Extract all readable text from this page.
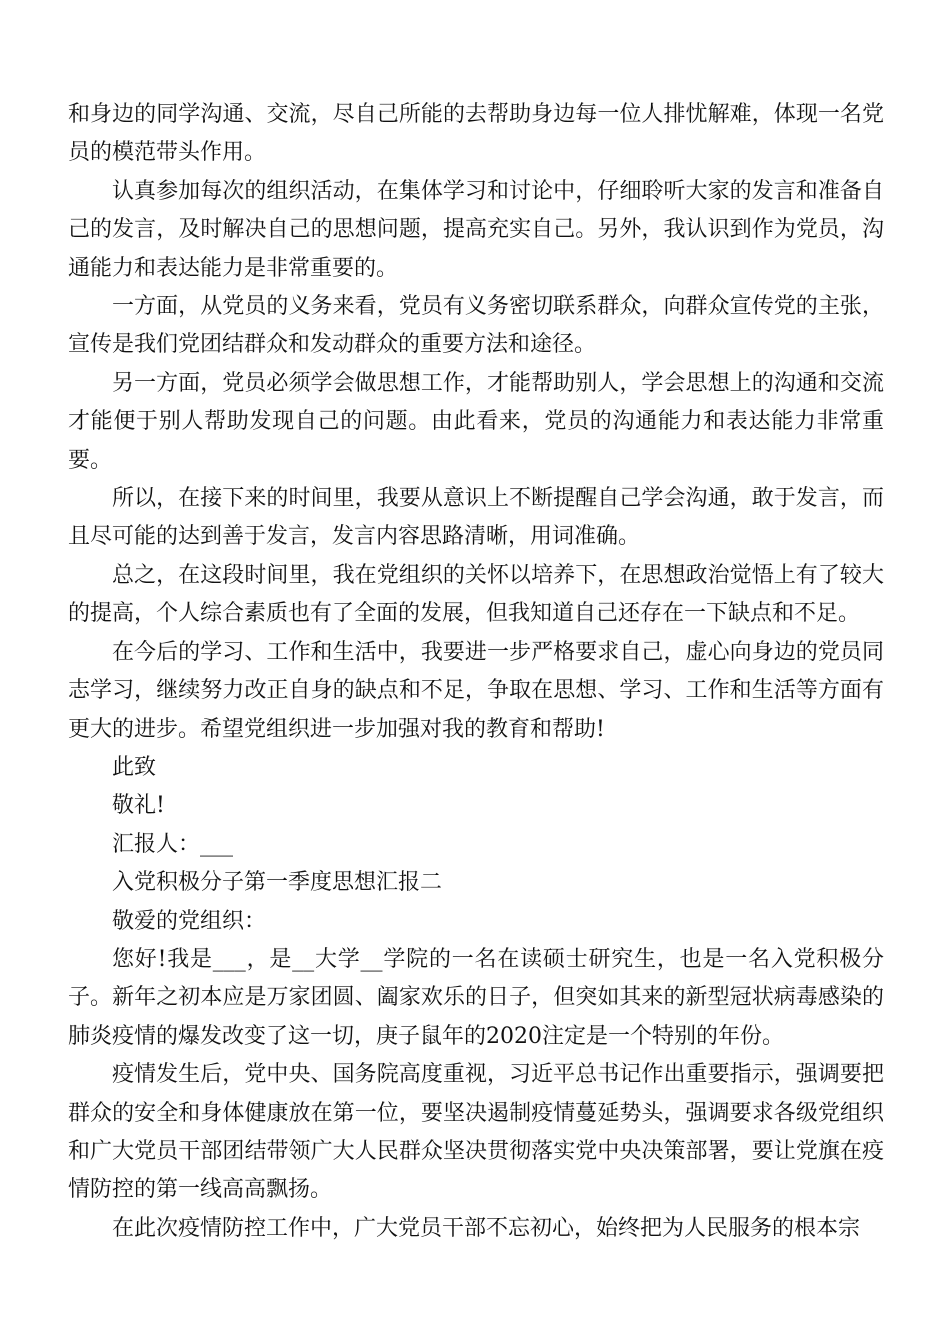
和身边的同学沟通、交流，尽自己所能的去帮助身边每一位人排忧解难，体现一名党员的模范带头作用。

认真参加每次的组织活动，在集体学习和讨论中，仔细聆听大家的发言和准备自己的发言，及时解决自己的思想问题，提高充实自己。另外，我认识到作为党员，沟通能力和表达能力是非常重要的。

一方面，从党员的义务来看，党员有义务密切联系群众，向群众宣传党的主张，宣传是我们党团结群众和发动群众的重要方法和途径。

另一方面，党员必须学会做思想工作，才能帮助别人，学会思想上的沟通和交流才能便于别人帮助发现自己的问题。由此看来，党员的沟通能力和表达能力非常重要。

所以，在接下来的时间里，我要从意识上不断提醒自己学会沟通，敢于发言，而且尽可能的达到善于发言，发言内容思路清晰，用词准确。

总之，在这段时间里，我在党组织的关怀以培养下，在思想政治觉悟上有了较大的提高，个人综合素质也有了全面的发展，但我知道自己还存在一下缺点和不足。

在今后的学习、工作和生活中，我要进一步严格要求自己，虚心向身边的党员同志学习，继续努力改正自身的缺点和不足，争取在思想、学习、工作和生活等方面有更大的进步。希望党组织进一步加强对我的教育和帮助!

此致

敬礼!

汇报人：___

入党积极分子第一季度思想汇报二

敬爱的党组织：

您好!我是___，是__大学__学院的一名在读硕士研究生，也是一名入党积极分子。新年之初本应是万家团圆、阖家欢乐的日子，但突如其来的新型冠状病毒感染的肺炎疫情的爆发改变了这一切，庚子鼠年的2020注定是一个特别的年份。

疫情发生后，党中央、国务院高度重视，习近平总书记作出重要指示，强调要把群众的安全和身体健康放在第一位，要坚决遏制疫情蔓延势头，强调要求各级党组织和广大党员干部团结带领广大人民群众坚决贯彻落实党中央决策部署，要让党旗在疫情防控的第一线高高飘扬。

在此次疫情防控工作中，广大党员干部不忘初心，始终把为人民服务的根本宗
